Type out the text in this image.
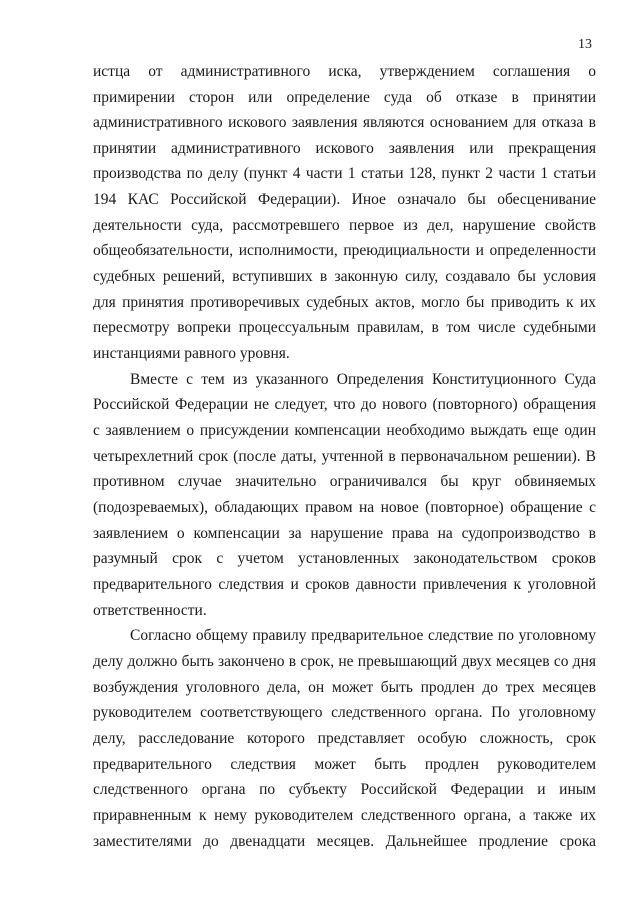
13
истца от административного иска, утверждением соглашения о
примирении сторон или определение суда об отказе в принятии
административного искового заявления являются основанием для отказа в
принятии административного искового заявления или прекращения
производства по делу (пункт 4 части 1 статьи 128, пункт 2 части 1 статьи
194 КАС Российской Федерации). Иное означало бы обесценивание
деятельности суда, рассмотревшего первое из дел, нарушение свойств
общеобязательности, исполнимости, преюдициальности и определенности
судебных решений, вступивших в законную силу, создавало бы условия
для принятия противоречивых судебных актов, могло бы приводить к их
пересмотру вопреки процессуальным правилам, в том числе судебными
инстанциями равного уровня.
Вместе с тем из указанного Определения Конституционного Суда
Российской Федерации не следует, что до нового (повторного) обращения
с заявлением о присуждении компенсации необходимо выждать еще один
четырехлетний срок (после даты, учтенной в первоначальном решении). В
противном случае значительно ограничивался бы круг обвиняемых
(подозреваемых), обладающих правом на новое (повторное) обращение с
заявлением о компенсации за нарушение права на судопроизводство в
разумный срок с учетом установленных законодательством сроков
предварительного следствия и сроков давности привлечения к уголовной
ответственности.
Согласно общему правилу предварительное следствие по уголовному
делу должно быть закончено в срок, не превышающий двух месяцев со дня
возбуждения уголовного дела, он может быть продлен до трех месяцев
руководителем соответствующего следственного органа. По уголовному
делу, расследование которого представляет особую сложность, срок
предварительного следствия может быть продлен руководителем
следственного органа по субъекту Российской Федерации и иным
приравненным к нему руководителем следственного органа, а также их
заместителями до двенадцати месяцев. Дальнейшее продление срока
